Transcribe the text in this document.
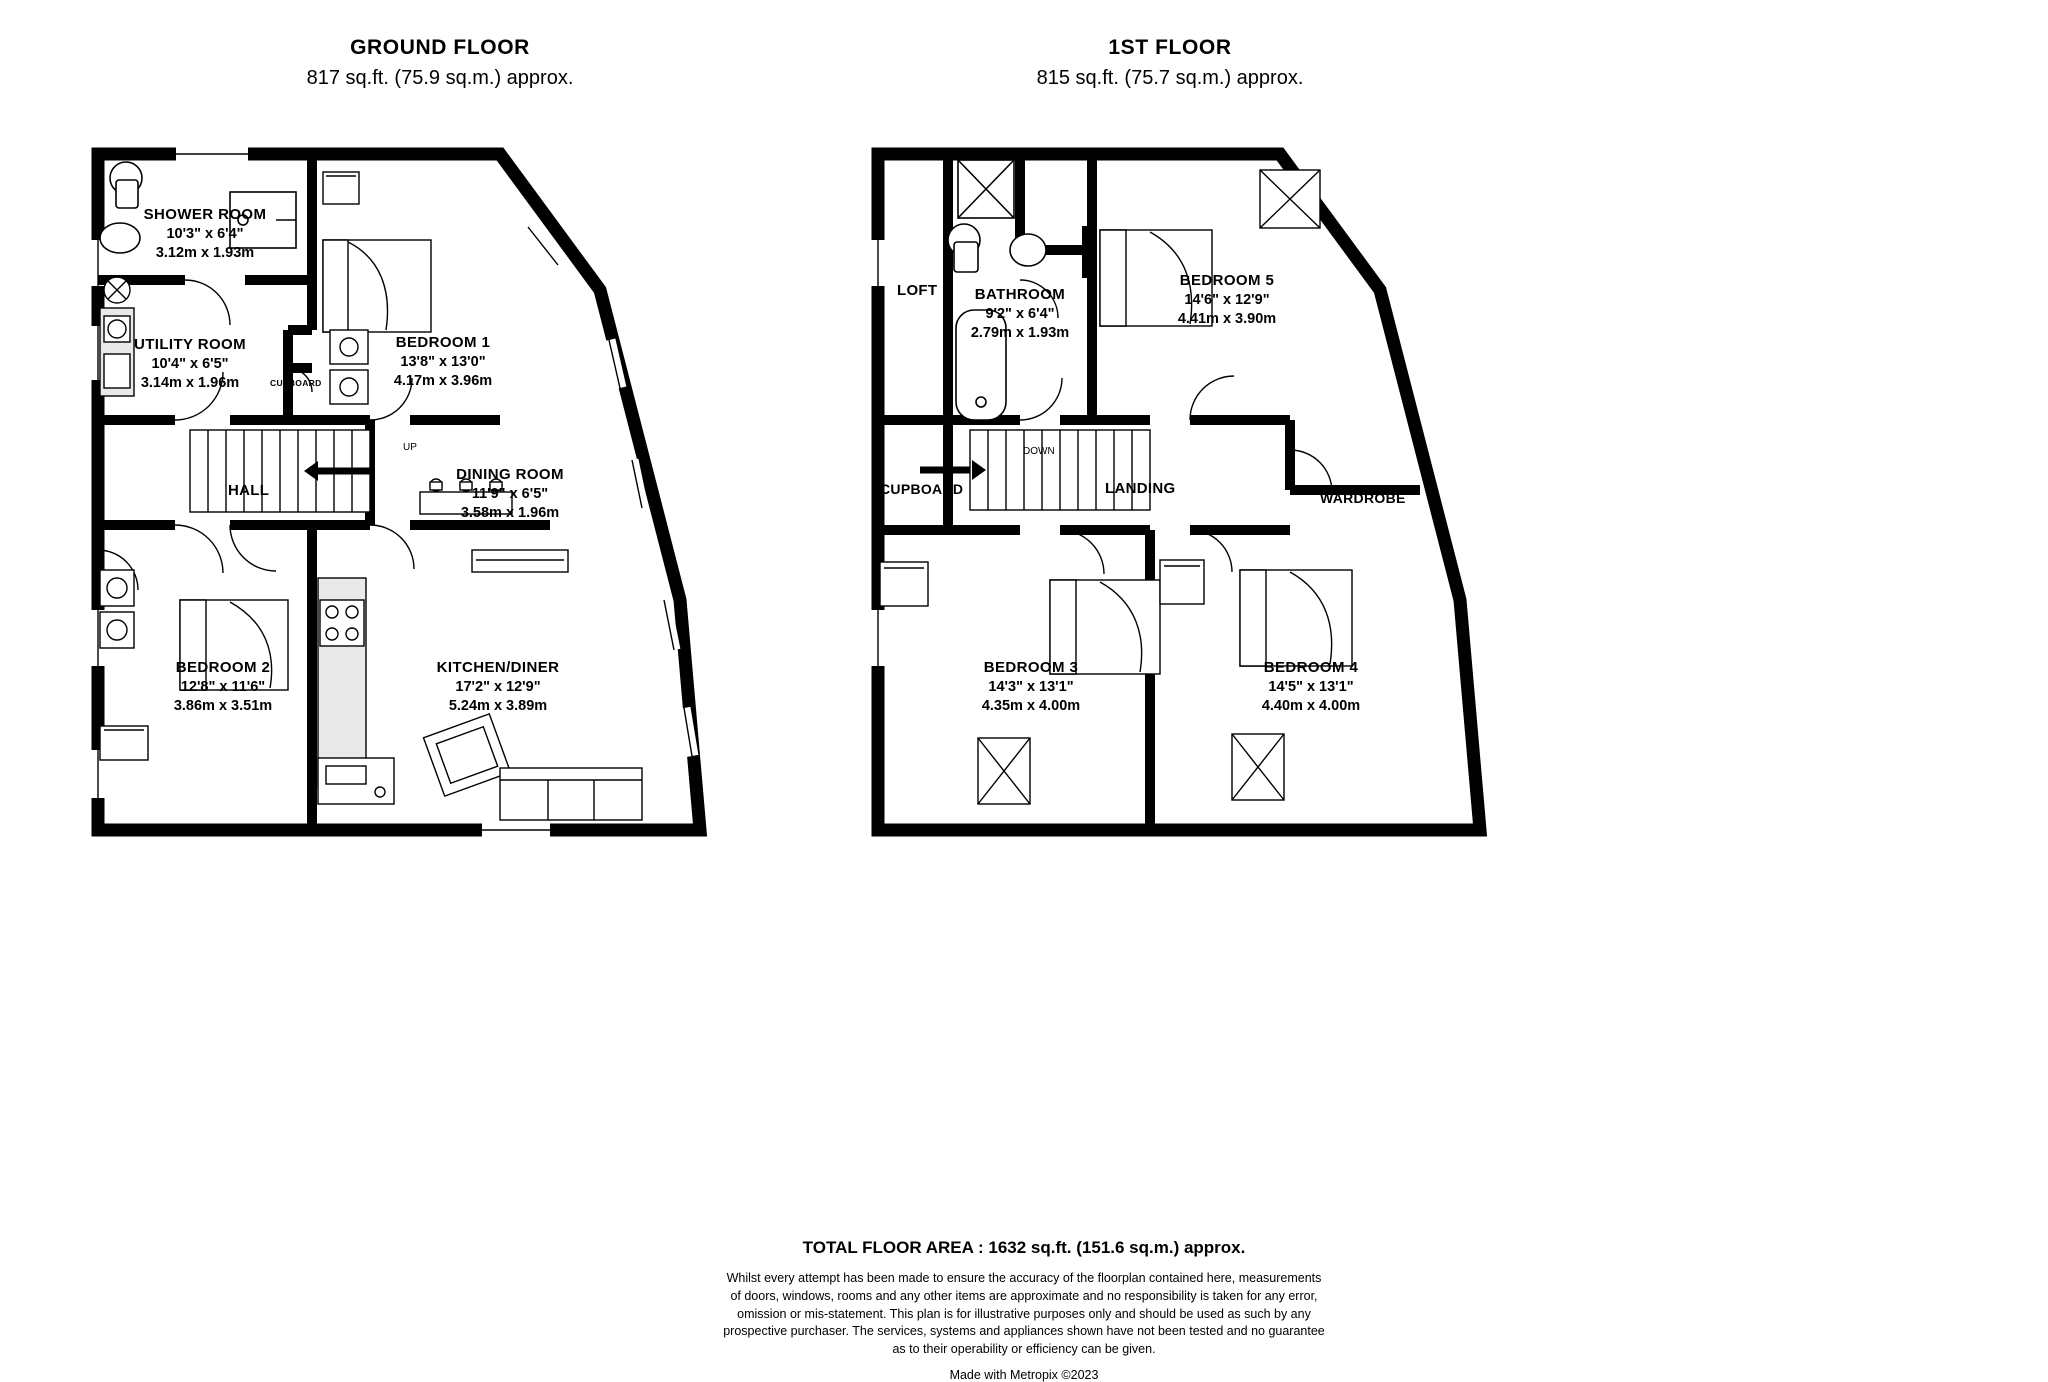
GROUND FLOOR
817 sq.ft. (75.9 sq.m.) approx.
1ST FLOOR
815 sq.ft. (75.7 sq.m.) approx.
SHOWER ROOM
10'3" x 6'4"
3.12m x 1.93m
UTILITY ROOM
10'4" x 6'5"
3.14m x 1.96m
BEDROOM 1
13'8" x 13'0"
4.17m x 3.96m
DINING ROOM
11'9" x 6'5"
3.58m x 1.96m
BEDROOM 2
12'8" x 11'6"
3.86m x 3.51m
KITCHEN/DINER
17'2" x 12'9"
5.24m x 3.89m
HALL
CUPBOARD
UP
LOFT	BATHROOM
9'2" x 6'4"
2.79m x 1.93m
BEDROOM 5
14'6" x 12'9"
4.41m x 3.90m
BEDROOM 3
14'3" x 13'1"
4.35m x 4.00m
BEDROOM 4
14'5" x 13'1"
4.40m x 4.00m
LANDING
CUPBOARD
WARDROBE
DOWN
TOTAL FLOOR AREA : 1632 sq.ft. (151.6 sq.m.) approx.
Whilst every attempt has been made to ensure the accuracy of the floorplan contained here, measurements
of doors, windows, rooms and any other items are approximate and no responsibility is taken for any error,
omission or mis-statement. This plan is for illustrative purposes only and should be used as such by any
prospective purchaser. The services, systems and appliances shown have not been tested and no guarantee
as to their operability or efficiency can be given.
Made with Metropix ©2023
